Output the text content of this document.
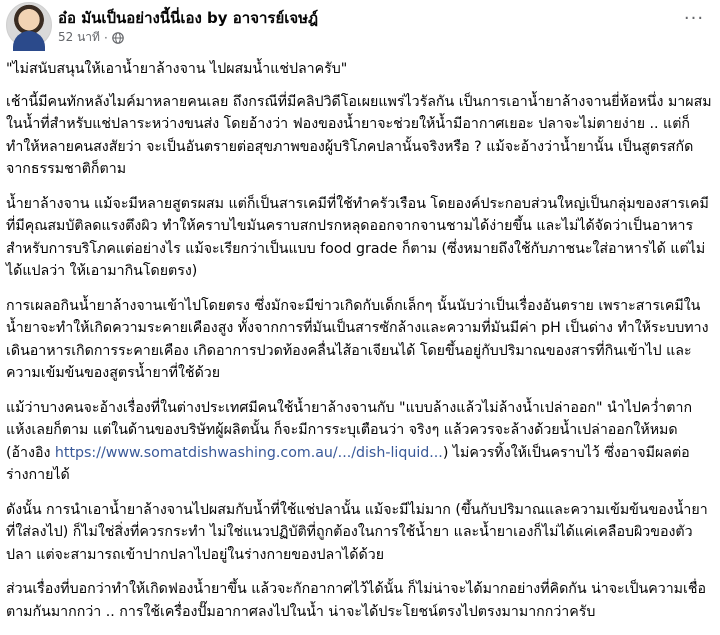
อ๋อ มันเป็นอย่างนี้นี่เอง by อาจารย์เจษฎ์
52 นาที ·
···

"ไม่สนับสนุนให้เอาน้ำยาล้างจาน ไปผสมน้ำแช่ปลาครับ"

เช้านี้มีคนทักหลังไมค์มาหลายคนเลย ถึงกรณีที่มีคลิปวิดีโอเผยแพร่ไวรัลกัน เป็นการเอาน้ำยาล้างจานยี่ห้อหนึ่ง มาผสมในน้ำที่สำหรับแช่ปลาระหว่างขนส่ง โดยอ้างว่า ฟองของน้ำยาจะช่วยให้น้ำมีอากาศเยอะ ปลาจะไม่ตายง่าย .. แต่ก็ทำให้หลายคนสงสัยว่า จะเป็นอันตรายต่อสุขภาพของผู้บริโภคปลานั้นจริงหรือ ? แม้จะอ้างว่าน้ำยานั้น เป็นสูตรสกัดจากธรรมชาติก็ตาม

น้ำยาล้างจาน แม้จะมีหลายสูตรผสม แต่ก็เป็นสารเคมีที่ใช้ทำครัวเรือน โดยองค์ประกอบส่วนใหญ่เป็นกลุ่มของสารเคมีที่มีคุณสมบัติลดแรงตึงผิว ทำให้คราบไขมันคราบสกปรกหลุดออกจากจานชามได้ง่ายขึ้น และไม่ได้จัดว่าเป็นอาหารสำหรับการบริโภคแต่อย่างไร แม้จะเรียกว่าเป็นแบบ food grade ก็ตาม (ซึ่งหมายถึงใช้กับภาชนะใส่อาหารได้ แต่ไม่ได้แปลว่า ให้เอามากินโดยตรง)

การเผลอกินน้ำยาล้างจานเข้าไปโดยตรง ซึ่งมักจะมีข่าวเกิดกับเด็กเล็กๆ นั้นนับว่าเป็นเรื่องอันตราย เพราะสารเคมีในน้ำยาจะทำให้เกิดความระคายเคืองสูง ทั้งจากการที่มันเป็นสารซักล้างและความที่มันมีค่า pH เป็นด่าง ทำให้ระบบทางเดินอาหารเกิดการระคายเคือง เกิดอาการปวดท้องคลื่นไส้อาเจียนได้ โดยขึ้นอยู่กับปริมาณของสารที่กินเข้าไป และความเข้มข้นของสูตรน้ำยาที่ใช้ด้วย

แม้ว่าบางคนจะอ้างเรื่องที่ในต่างประเทศมีคนใช้น้ำยาล้างจานกับ "แบบล้างแล้วไม่ล้างน้ำเปล่าออก" นำไปคว่ำตากแห้งเลยก็ตาม แต่ในด้านของบริษัทผู้ผลิตนั้น ก็จะมีการระบุเตือนว่า จริงๆ แล้วควรจะล้างด้วยน้ำเปล่าออกให้หมด (อ้างอิง https://www.somatdishwashing.com.au/.../dish-liquid...) ไม่ควรทิ้งให้เป็นคราบไว้ ซึ่งอาจมีผลต่อร่างกายได้

ดังนั้น การนำเอาน้ำยาล้างจานไปผสมกับน้ำที่ใช้แช่ปลานั้น แม้จะมีไม่มาก (ขึ้นกับปริมาณและความเข้มข้นของน้ำยาที่ใส่ลงไป) ก็ไม่ใช่สิ่งที่ควรกระทำ ไม่ใช่แนวปฏิบัติที่ถูกต้องในการใช้น้ำยา และน้ำยาเองก็ไม่ได้แค่เคลือบผิวของตัวปลา แต่จะสามารถเข้าปากปลาไปอยู่ในร่างกายของปลาได้ด้วย

ส่วนเรื่องที่บอกว่าทำให้เกิดฟองน้ำยาขึ้น แล้วจะกักอากาศไว้ได้นั้น ก็ไม่น่าจะได้มากอย่างที่คิดกัน น่าจะเป็นความเชื่อตามกันมากกว่า .. การใช้เครื่องปั๊มอากาศลงไปในน้ำ น่าจะได้ประโยชน์ตรงไปตรงมามากกว่าครับ
